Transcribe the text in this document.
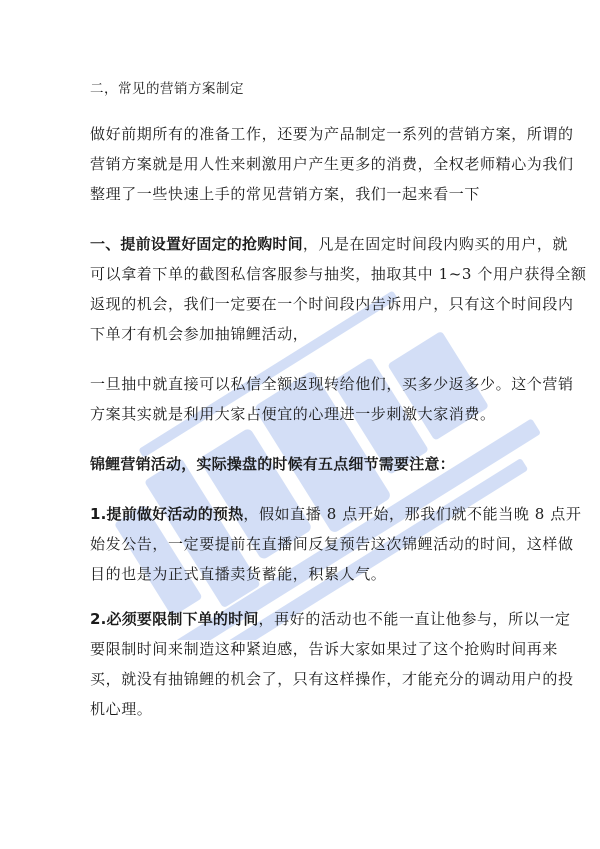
二，常见的营销方案制定

做好前期所有的准备工作，还要为产品制定一系列的营销方案，所谓的
营销方案就是用人性来刺激用户产生更多的消费，全权老师精心为我们
整理了一些快速上手的常见营销方案，我们一起来看一下
一、提前设置好固定的抢购时间，凡是在固定时间段内购买的用户，就
可以拿着下单的截图私信客服参与抽奖，抽取其中 1~3 个用户获得全额
返现的机会，我们一定要在一个时间段内告诉用户，只有这个时间段内
下单才有机会参加抽锦鲤活动，
一旦抽中就直接可以私信全额返现转给他们，买多少返多少。这个营销
方案其实就是利用大家占便宜的心理进一步刺激大家消费。

锦鲤营销活动，实际操盘的时候有五点细节需要注意：

1.提前做好活动的预热，假如直播 8 点开始，那我们就不能当晚 8 点开
始发公告，一定要提前在直播间反复预告这次锦鲤活动的时间，这样做
目的也是为正式直播卖货蓄能，积累人气。
2.必须要限制下单的时间，再好的活动也不能一直让他参与，所以一定
要限制时间来制造这种紧迫感，告诉大家如果过了这个抢购时间再来
买，就没有抽锦鲤的机会了，只有这样操作，才能充分的调动用户的投
机心理。
